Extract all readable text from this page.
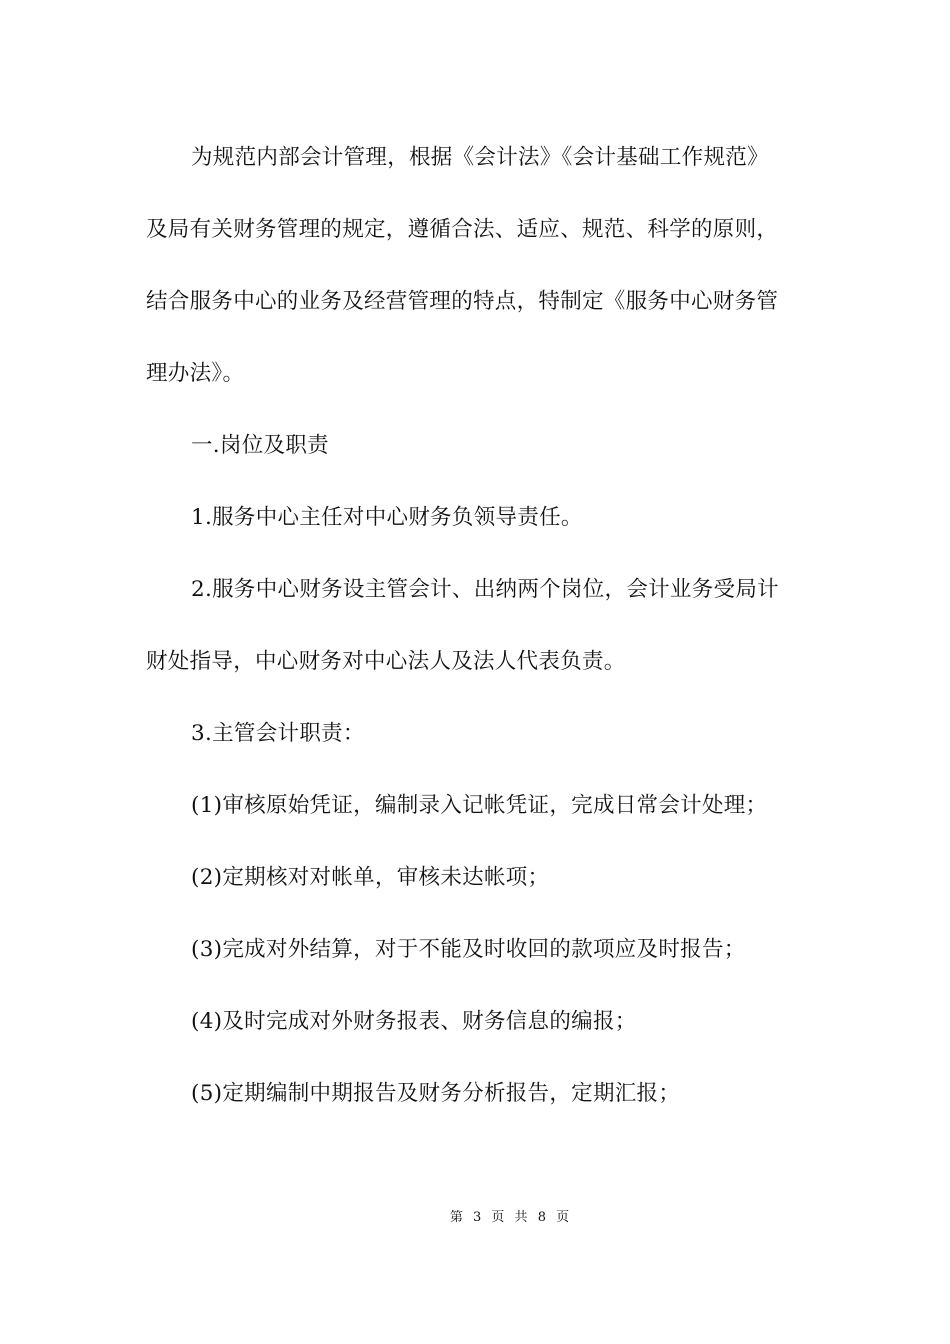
为规范内部会计管理，根据《会计法》《会计基础工作规范》
及局有关财务管理的规定，遵循合法、适应、规范、科学的原则，
结合服务中心的业务及经营管理的特点，特制定《服务中心财务管
理办法》。
一.岗位及职责
1.服务中心主任对中心财务负领导责任。
2.服务中心财务设主管会计、出纳两个岗位，会计业务受局计
财处指导，中心财务对中心法人及法人代表负责。
3.主管会计职责：
(1)审核原始凭证，编制录入记帐凭证，完成日常会计处理；
(2)定期核对对帐单，审核未达帐项；
(3)完成对外结算，对于不能及时收回的款项应及时报告；
(4)及时完成对外财务报表、财务信息的编报；
(5)定期编制中期报告及财务分析报告，定期汇报；
第 3 页 共 8 页
